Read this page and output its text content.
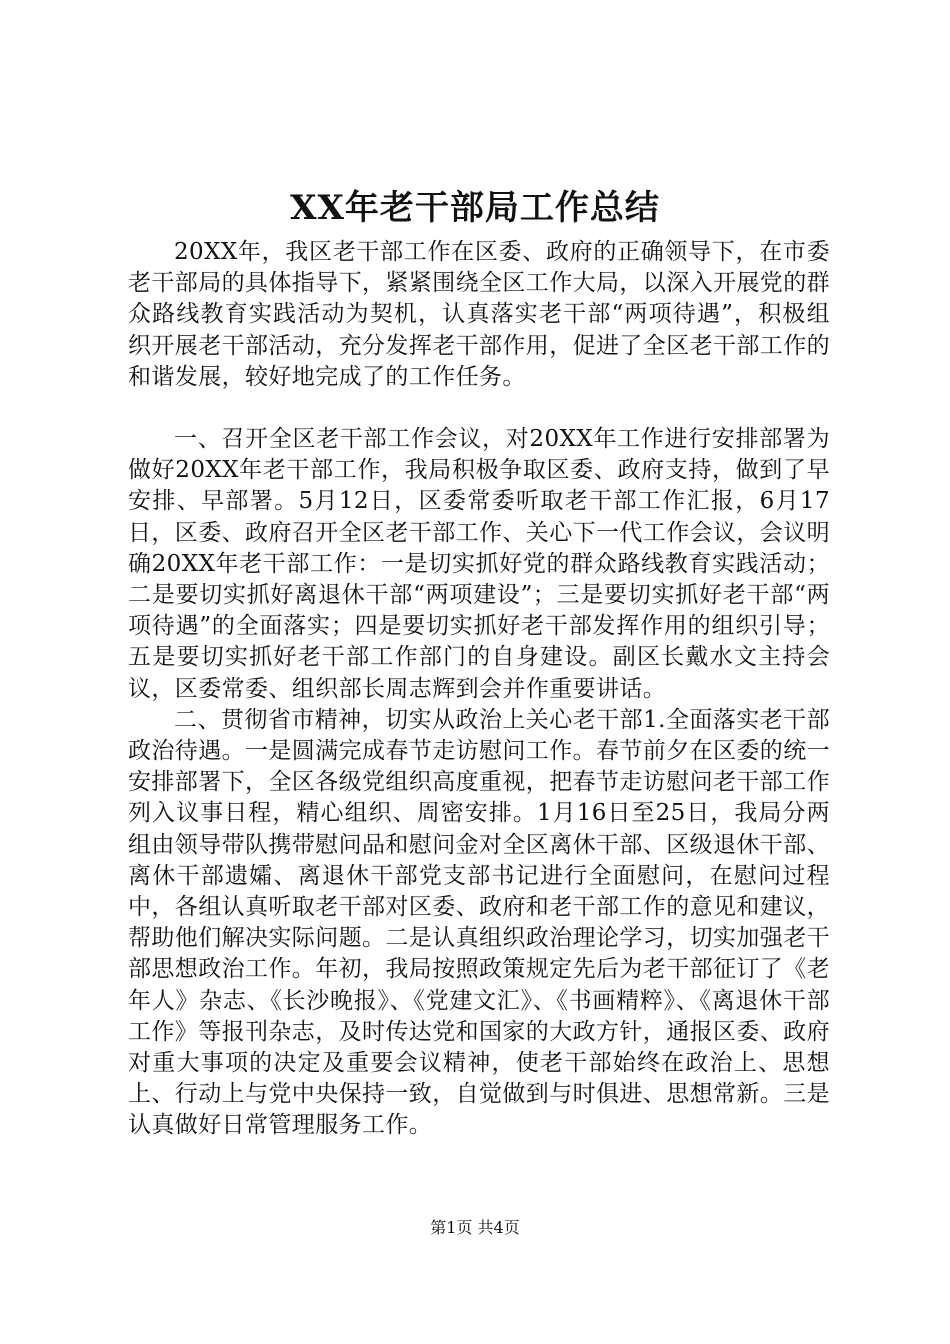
XX年老干部局工作总结

20XX年，我区老干部工作在区委、政府的正确领导下，在市委老干部局的具体指导下，紧紧围绕全区工作大局，以深入开展党的群众路线教育实践活动为契机，认真落实老干部“两项待遇”，积极组织开展老干部活动，充分发挥老干部作用，促进了全区老干部工作的和谐发展，较好地完成了的工作任务。

一、召开全区老干部工作会议，对20XX年工作进行安排部署为做好20XX年老干部工作，我局积极争取区委、政府支持，做到了早安排、早部署。5月12日，区委常委听取老干部工作汇报，6月17日，区委、政府召开全区老干部工作、关心下一代工作会议，会议明确20XX年老干部工作：一是切实抓好党的群众路线教育实践活动；二是要切实抓好离退休干部“两项建设”；三是要切实抓好老干部“两项待遇”的全面落实；四是要切实抓好老干部发挥作用的组织引导；五是要切实抓好老干部工作部门的自身建设。副区长戴水文主持会议，区委常委、组织部长周志辉到会并作重要讲话。

二、贯彻省市精神，切实从政治上关心老干部1.全面落实老干部政治待遇。一是圆满完成春节走访慰问工作。春节前夕在区委的统一安排部署下，全区各级党组织高度重视，把春节走访慰问老干部工作列入议事日程，精心组织、周密安排。1月16日至25日，我局分两组由领导带队携带慰问品和慰问金对全区离休干部、区级退休干部、离休干部遗孀、离退休干部党支部书记进行全面慰问，在慰问过程中，各组认真听取老干部对区委、政府和老干部工作的意见和建议，帮助他们解决实际问题。二是认真组织政治理论学习，切实加强老干部思想政治工作。年初，我局按照政策规定先后为老干部征订了《老年人》杂志、《长沙晚报》、《党建文汇》、《书画精粹》、《离退休干部工作》等报刊杂志，及时传达党和国家的大政方针，通报区委、政府对重大事项的决定及重要会议精神，使老干部始终在政治上、思想上、行动上与党中央保持一致，自觉做到与时俱进、思想常新。三是认真做好日常管理服务工作。

第1页 共4页
